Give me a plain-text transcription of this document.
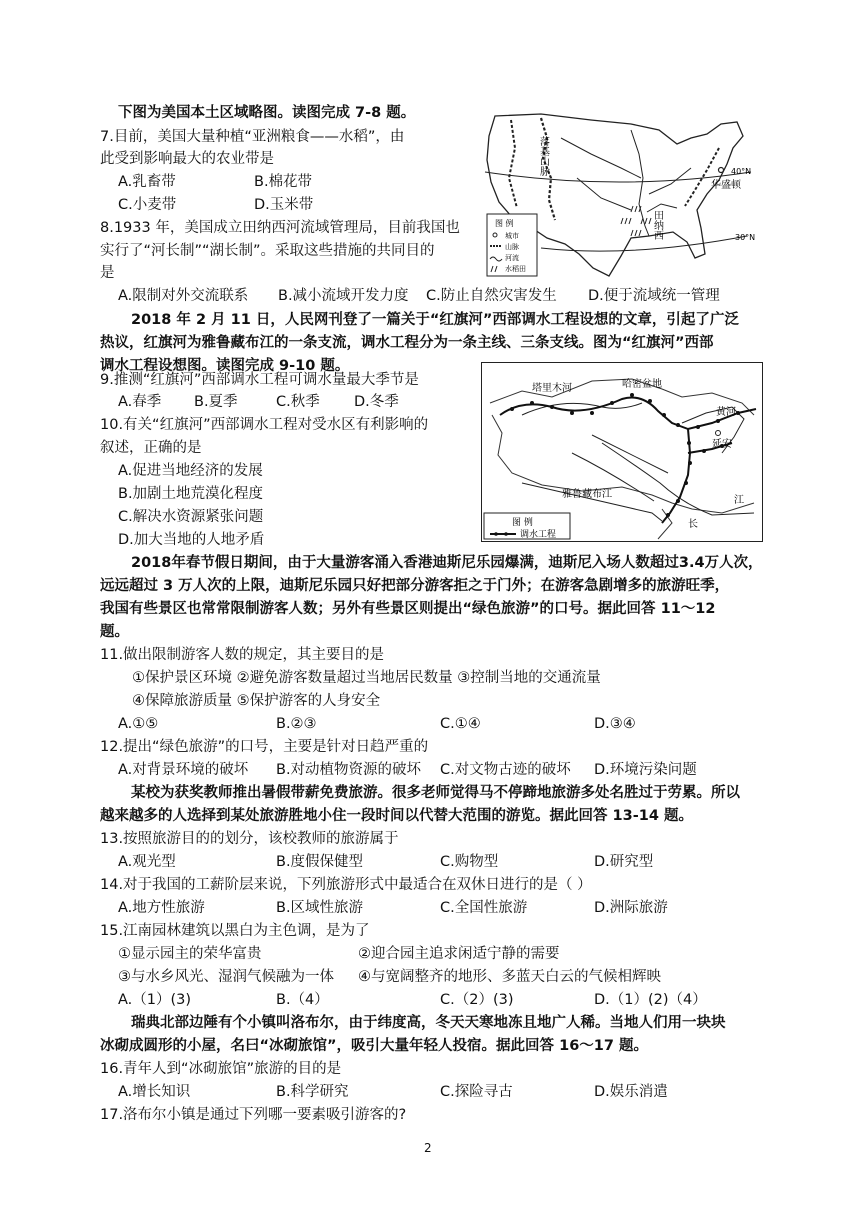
下图为美国本土区域略图。读图完成 7-8 题。
7.目前，美国大量种植“亚洲粮食——水稻”，由
此受到影响最大的农业带是
A.乳畜带	B.棉花带
C.小麦带	D.玉米带
8.1933 年，美国成立田纳西河流域管理局，目前我国也
实行了“河长制”“湖长制”。采取这些措施的共同目的
是
A.限制对外交流联系 B.减小流域开发力度 C.防止自然灾害发生 D.便于流域统一管理
华盛顿
40°N
30°N
田纳西
落基山脉
图 例
城市
山脉
河流
水稻田
2018 年 2 月 11 日，人民网刊登了一篇关于“红旗河”西部调水工程设想的文章，引起了广泛
热议，红旗河为雅鲁藏布江的一条支流，调水工程分为一条主线、三条支线。图为“红旗河”西部
调水工程设想图。读图完成 9-10 题。
9.推测“红旗河”西部调水工程可调水量最大季节是
A.春季 B.夏季	C.秋季 D.冬季
10.有关“红旗河”西部调水工程对受水区有利影响的
叙述，正确的是
A.促进当地经济的发展
B.加剧土地荒漠化程度
C.解决水资源紧张问题
D.加大当地的人地矛盾
塔里木河	哈密盆地
黄河
延安
雅鲁藏布江
江
长
图 例
调水工程
2018年春节假日期间，由于大量游客涌入香港迪斯尼乐园爆满，迪斯尼入场人数超过3.4万人次，
远远超过 3 万人次的上限，迪斯尼乐园只好把部分游客拒之于门外；在游客急剧增多的旅游旺季，
我国有些景区也常常限制游客人数；另外有些景区则提出“绿色旅游”的口号。据此回答 11～12
题。
11.做出限制游客人数的规定，其主要目的是
①保护景区环境 ②避免游客数量超过当地居民数量 ③控制当地的交通流量
④保障旅游质量 ⑤保护游客的人身安全
A.①⑤	B.②③	C.①④	D.③④
12.提出“绿色旅游”的口号，主要是针对日趋严重的
A.对背景环境的破坏 B.对动植物资源的破坏 C.对文物古迹的破坏 D.环境污染问题
某校为获奖教师推出暑假带薪免费旅游。很多老师觉得马不停蹄地旅游多处名胜过于劳累。所以
越来越多的人选择到某处旅游胜地小住一段时间以代替大范围的游览。据此回答 13-14 题。
13.按照旅游目的的划分，该校教师的旅游属于
A.观光型	B.度假保健型	C.购物型	D.研究型
14.对于我国的工薪阶层来说，下列旅游形式中最适合在双休日进行的是（ ）
A.地方性旅游	B.区域性旅游	C.全国性旅游	D.洲际旅游
15.江南园林建筑以黑白为主色调，是为了
①显示园主的荣华富贵	②迎合园主追求闲适宁静的需要
③与水乡风光、湿润气候融为一体 ④与宽阔整齐的地形、多蓝天白云的气候相辉映
A.（1）(3)	B.（4）	C.（2）(3)	D.（1）(2)（4）
瑞典北部边陲有个小镇叫洛布尔，由于纬度高，冬天天寒地冻且地广人稀。当地人们用一块块
冰砌成圆形的小屋，名曰“冰砌旅馆”，吸引大量年轻人投宿。据此回答 16～17 题。
16.青年人到“冰砌旅馆”旅游的目的是
A.增长知识	B.科学研究	C.探险寻古	D.娱乐消遣
17.洛布尔小镇是通过下列哪一要素吸引游客的?
2
